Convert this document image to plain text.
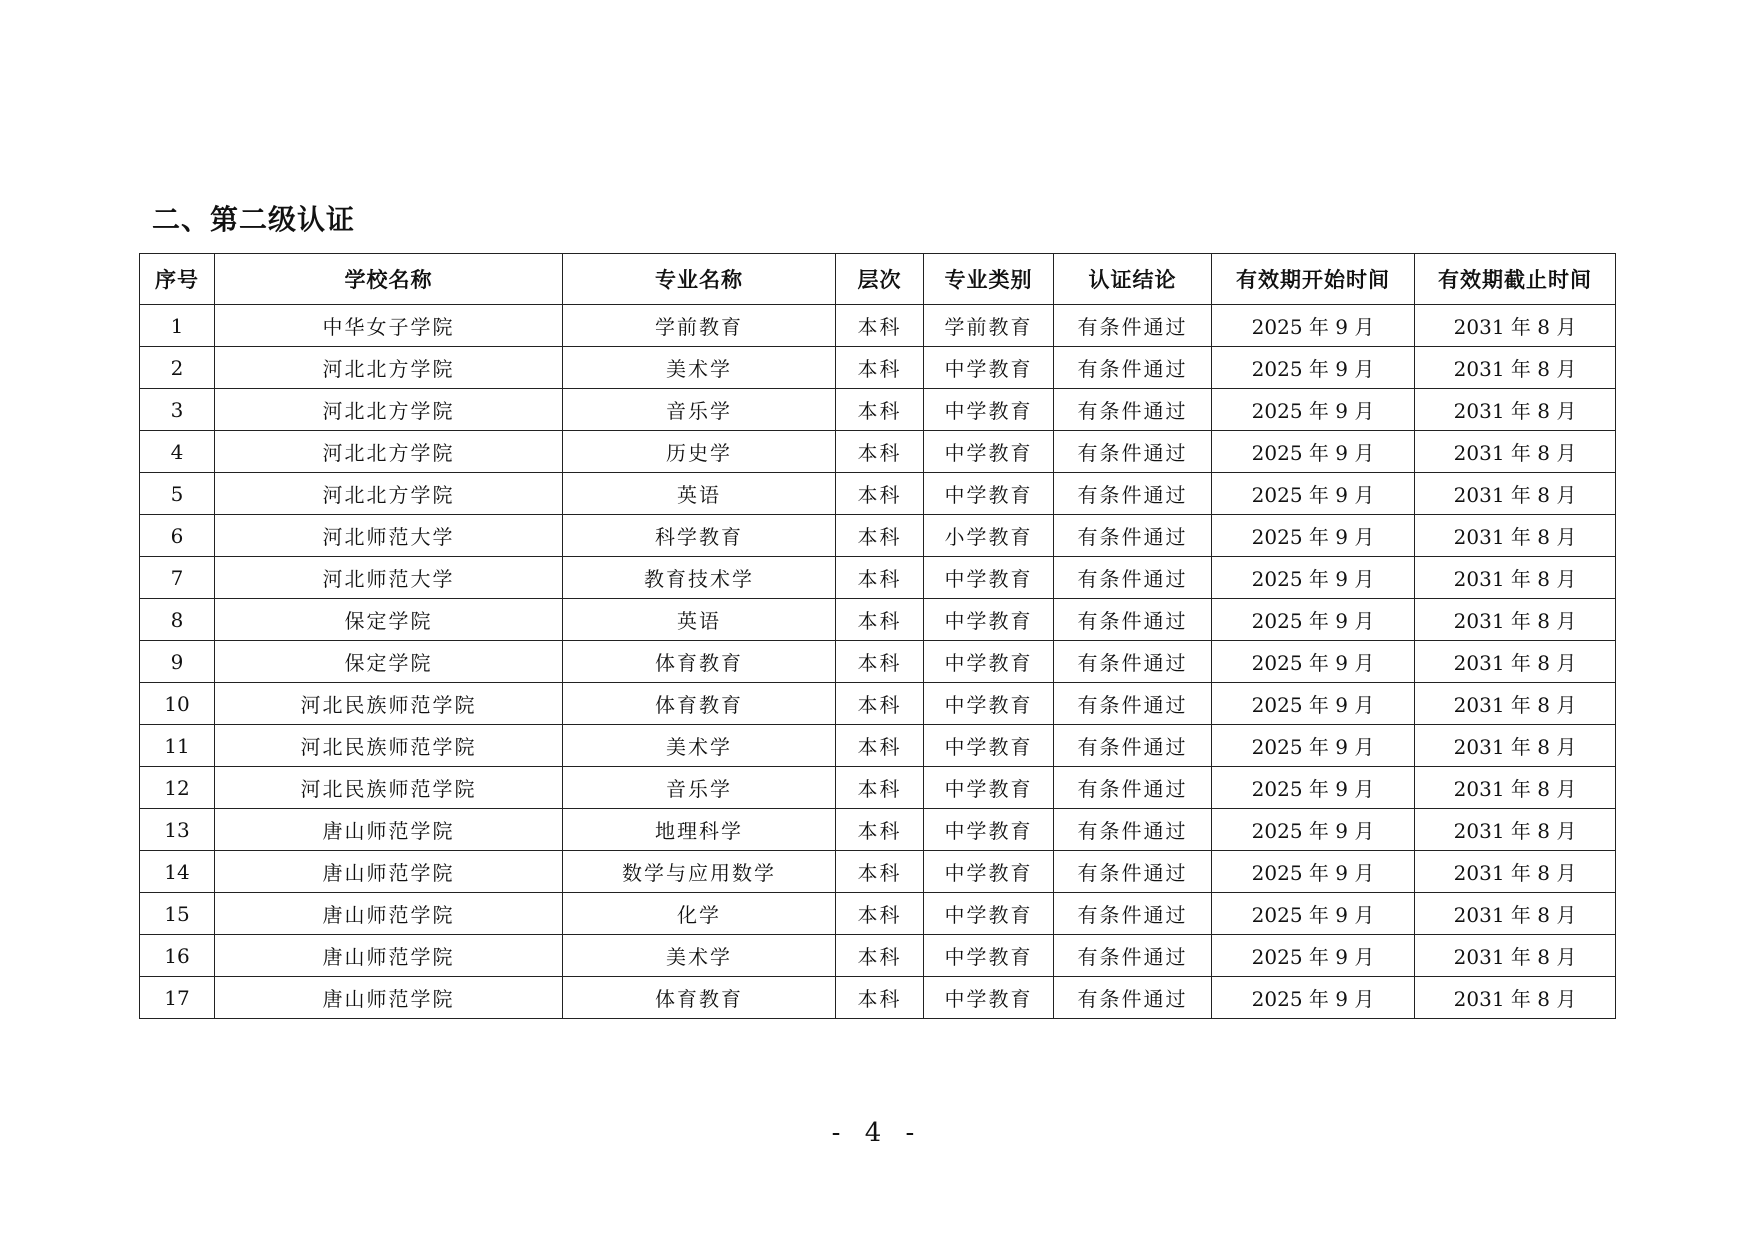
二、第二级认证
序号	学校名称	专业名称	层次	专业类别	认证结论	有效期开始时间	有效期截止时间
1	中华女子学院	学前教育	本科	学前教育	有条件通过	2025 年 9 月	2031 年 8 月
2	河北北方学院	美术学	本科	中学教育	有条件通过	2025 年 9 月	2031 年 8 月
3	河北北方学院	音乐学	本科	中学教育	有条件通过	2025 年 9 月	2031 年 8 月
4	河北北方学院	历史学	本科	中学教育	有条件通过	2025 年 9 月	2031 年 8 月
5	河北北方学院	英语	本科	中学教育	有条件通过	2025 年 9 月	2031 年 8 月
6	河北师范大学	科学教育	本科	小学教育	有条件通过	2025 年 9 月	2031 年 8 月
7	河北师范大学	教育技术学	本科	中学教育	有条件通过	2025 年 9 月	2031 年 8 月
8	保定学院	英语	本科	中学教育	有条件通过	2025 年 9 月	2031 年 8 月
9	保定学院	体育教育	本科	中学教育	有条件通过	2025 年 9 月	2031 年 8 月
10	河北民族师范学院	体育教育	本科	中学教育	有条件通过	2025 年 9 月	2031 年 8 月
11	河北民族师范学院	美术学	本科	中学教育	有条件通过	2025 年 9 月	2031 年 8 月
12	河北民族师范学院	音乐学	本科	中学教育	有条件通过	2025 年 9 月	2031 年 8 月
13	唐山师范学院	地理科学	本科	中学教育	有条件通过	2025 年 9 月	2031 年 8 月
14	唐山师范学院	数学与应用数学	本科	中学教育	有条件通过	2025 年 9 月	2031 年 8 月
15	唐山师范学院	化学	本科	中学教育	有条件通过	2025 年 9 月	2031 年 8 月
16	唐山师范学院	美术学	本科	中学教育	有条件通过	2025 年 9 月	2031 年 8 月
17	唐山师范学院	体育教育	本科	中学教育	有条件通过	2025 年 9 月	2031 年 8 月
- 4 -
